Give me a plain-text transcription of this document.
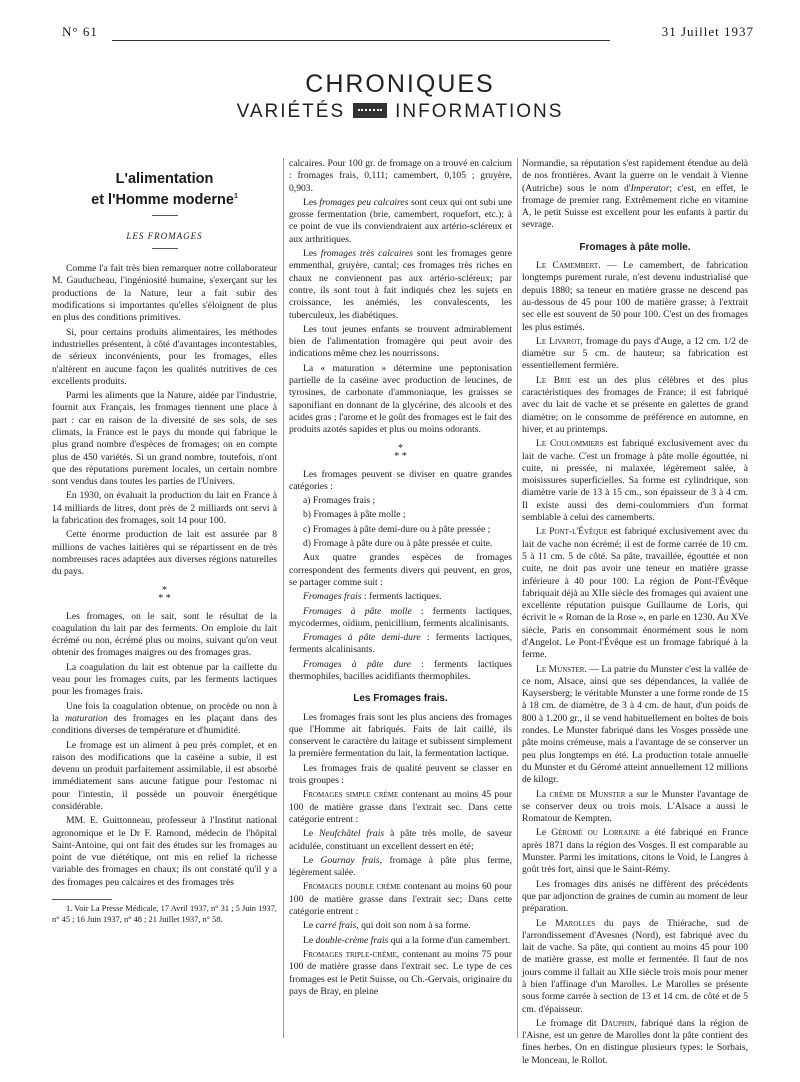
N° 61	31 Juillet 1937
CHRONIQUES
VARIÉTÉS	INFORMATIONS
L'alimentation
et l'Homme moderne$^1$
LES FROMAGES

Comme l'a fait très bien remarquer notre collaborateur M. Gauducheau, l'ingéniosité humaine, s'exerçant sur les productions de la Nature, leur a fait subir des modifications si importantes qu'elles s'éloignent de plus en plus des conditions primitives.

Si, pour certains produits alimentaires, les méthodes industrielles présentent, à côté d'avantages incontestables, de sérieux inconvénients, pour les fromages, elles n'altèrent en aucune façon les qualités nutritives de ces excellents produits.

Parmi les aliments que la Nature, aidée par l'industrie, fournit aux Français, les fromages tiennent une place à part : car en raison de la diversité de ses sols, de ses climats, la France est le pays du monde qui fabrique le plus grand nombre d'espèces de fromages; on en compte plus de 450 variétés. Si un grand nombre, toutefois, n'ont que des réputations purement locales, un certain nombre sont vendus dans toutes les parties de l'Univers.

En 1930, on évaluait la production du lait en France à 14 milliards de litres, dont près de 2 milliards ont servi à la fabrication des fromages, soit 14 pour 100.

Cette énorme production de lait est assurée par 8 millions de vaches laitières qui se répartissent en de très nombreuses races adaptées aux diverses régions naturelles du pays.

*
* *

Les fromages, on le sait, sont le résultat de la coagulation du lait par des ferments. On emploie du lait écrémé ou non, écrémé plus ou moins, suivant qu'on veut obtenir des fromages maigres ou des fromages gras.

La coagulation du lait est obtenue par la caillette du veau pour les fromages cuits, par les ferments lactiques pour les fromages frais.

Une fois la coagulation obtenue, on procède ou non à la maturation des fromages en les plaçant dans des conditions diverses de température et d'humidité.

Le fromage est un aliment à peu près complet, et en raison des modifications que la caséine a subie, il est devenu un produit parfaitement assimilable, il est absorbé immédiatement sans aucune fatigue pour l'estomac ni pour l'intestin, il possède un pouvoir énergétique considérable.

MM. E. Guittonneau, professeur à l'Institut national agronomique et le Dr F. Ramond, médecin de l'hôpital Saint-Antoine, qui ont fait des études sur les fromages au point de vue diététique, ont mis en relief la richesse variable des fromages en chaux; ils ont constaté qu'il y a des fromages peu calcaires et des fromages très

1. Voir La Presse Médicale, 17 Avril 1937, n° 31 ; 5 Juin 1937, n° 45 ; 16 Juin 1937, n° 48 ; 21 Juillet 1937, n° 58.

calcaires. Pour 100 gr. de fromage on a trouvé en calcium : fromages frais, 0,111; camembert, 0,105 ; gruyère, 0,903.

Les fromages peu calcaires sont ceux qui ont subi une grosse fermentation (brie, camembert, roquefort, etc.); à ce point de vue ils conviendraient aux artério-scléreux et aux arthritiques.

Les fromages très calcaires sont les fromages genre emmenthal, gruyère, cantal; ces fromages très riches en chaux ne conviennent pas aux artério-scléreux; par contre, ils sont tout à fait indiqués chez les sujets en croissance, les anémiés, les convalescents, les tuberculeux, les diabétiques.

Les tout jeunes enfants se trouvent admirablement bien de l'alimentation fromagère qui peut avoir des indications même chez les nourrissons.

La « maturation » détermine une peptonisation partielle de la caséine avec production de leucines, de tyrosines, de carbonate d'ammoniaque, les graisses se saponifiant en donnant de la glycérine, des alcools et des acides gras ; l'arome et le goût des fromages est le fait des produits azotés sapides et plus ou moins odorants.

*
* *

Les fromages peuvent se diviser en quatre grandes catégories :

a) Fromages frais ;

b) Fromages à pâte molle ;

c) Fromages à pâte demi-dure ou à pâte pressée ;

d) Fromage à pâte dure ou à pâte pressée et cuite.

Aux quatre grandes espèces de fromages correspondent des ferments divers qui peuvent, en gros, se partager comme suit :

Fromages frais : ferments lactiques.

Fromages à pâte molle : ferments lactiques, mycodermes, oïdium, penicillium, ferments alcalinisants.

Fromages à pâte demi-dure : ferments lactiques, ferments alcalinisants.

Fromages à pâte dure : ferments lactiques thermophiles, bacilles acidifiants thermophiles.

Les Fromages frais.

Les fromages frais sont les plus anciens des fromages que l'Homme ait fabriqués. Faits de lait caillé, ils conservent le caractère du laitage et subissent simplement la première fermentation du lait, la fermentation lactique.

Les fromages frais de qualité peuvent se classer en trois groupes :

Fromages simple crème contenant au moins 45 pour 100 de matière grasse dans l'extrait sec. Dans cette catégorie entrent :

Le Neufchâtel frais à pâte très molle, de saveur acidulée, constituant un excellent dessert en été;

Le Gournay frais, fromage à pâte plus ferme, légèrement salée.

Fromages double crème contenant au moins 60 pour 100 de matière grasse dans l'extrait sec; Dans cette catégorie entrent :

Le carré frais, qui doit son nom à sa forme.

Le double-crème frais qui a la forme d'un camembert.

Fromages triple-crème, contenant au moins 75 pour 100 de matière grasse dans l'extrait sec. Le type de ces fromages est le Petit Suisse, ou Ch.-Gervais, originaire du pays de Bray, en pleine

Normandie, sa réputation s'est rapidement étendue au delà de nos frontières. Avant la guerre on le vendait à Vienne (Autriche) sous le nom d'Imperator; c'est, en effet, le fromage de premier rang. Extrêmement riche en vitamine A, le petit Suisse est excellent pour les enfants à partir du sevrage.

Fromages à pâte molle.

Le Camembert. — Le camembert, de fabrication longtemps purement rurale, n'est devenu industrialisé que depuis 1880; sa teneur en matière grasse ne descend pas au-dessous de 45 pour 100 de matière grasse; à l'extrait sec elle est souvent de 50 pour 100. C'est un des fromages les plus estimés.

Le Livarot, fromage du pays d'Auge, a 12 cm. 1/2 de diamètre sur 5 cm. de hauteur; sa fabrication est essentiellement fermière.

Le Brie est un des plus célèbres et des plus caractéristiques des fromages de France; il est fabriqué avec du lait de vache et se présente en galettes de grand diamètre; on le consomme de préférence en automne, en hiver, et au printemps.

Le Coulommiers est fabriqué exclusivement avec du lait de vache. C'est un fromage à pâte molle égouttée, ni cuite, ni pressée, ni malaxée, légèrement salée, à moisissures superficielles. Sa forme est cylindrique, son diamètre varie de 13 à 15 cm., son épaisseur de 3 à 4 cm. Il existe aussi des demi-coulommiers d'un format semblable à celui des camemberts.

Le Pont-l'Évêque est fabriqué exclusivement avec du lait de vache non écrémé; il est de forme carrée de 10 cm. 5 à 11 cm. 5 de côté. Sa pâte, travaillée, égouttée et non cuite, ne doit pas avoir une teneur en matière grasse inférieure à 40 pour 100. La région de Pont-l'Évêque fabriquait déjà au XIIe siècle des fromages qui avaient une excellente réputation puisque Guillaume de Loris, qui écrivit le « Roman de la Rose », en parle en 1230. Au XVe siècle, Paris en consommait énormément sous le nom d'Angelot. Le Pont-l'Évêque est un fromage fabriqué à la ferme.

Le Munster. — La patrie du Munster c'est la vallée de ce nom, Alsace, ainsi que ses dépendances, la vallée de Kaysersberg; le véritable Munster a une forme ronde de 15 à 18 cm. de diamètre, de 3 à 4 cm. de haut, d'un poids de 800 à 1.200 gr., il se vend habituellement en boîtes de bois rondes. Le Munster fabriqué dans les Vosges possède une pâte moins crémeuse, mais a l'avantage de se conserver un peu plus longtemps en été. La production totale annuelle du Munster et du Géromé atteint annuellement 12 millions de kilogr.

La crème de Munster a sur le Munster l'avantage de se conserver deux ou trois mois. L'Alsace a aussi le Romatour de Kempten.

Le Géromé ou Lorraine a été fabriqué en France après 1871 dans la région des Vosges. Il est comparable au Munster. Parmi les imitations, citons le Void, le Langres à goût très fort, ainsi que le Saint-Rémy.

Les fromages dits anisés ne diffèrent des précédents que par adjonction de graines de cumin au moment de leur préparation.

Le Marolles du pays de Thiérache, sud de l'arrondissement d'Avesnes (Nord), est fabriqué avec du lait de vache. Sa pâte, qui contient au moins 45 pour 100 de matière grasse, est molle et fermentée. Il faut de nos jours comme il fallait au XIIe siècle trois mois pour mener à bien l'affinage d'un Marolles. Le Marolles se présente sous forme carrée à section de 13 et 14 cm. de côté et de 5 cm. d'épaisseur.

Le fromage dit Dauphin, fabriqué dans la région de l'Aisne, est un genre de Marolles dont la pâte contient des fines herbes. On en distingue plusieurs types: le Sorbais, le Monceau, le Rollot.
